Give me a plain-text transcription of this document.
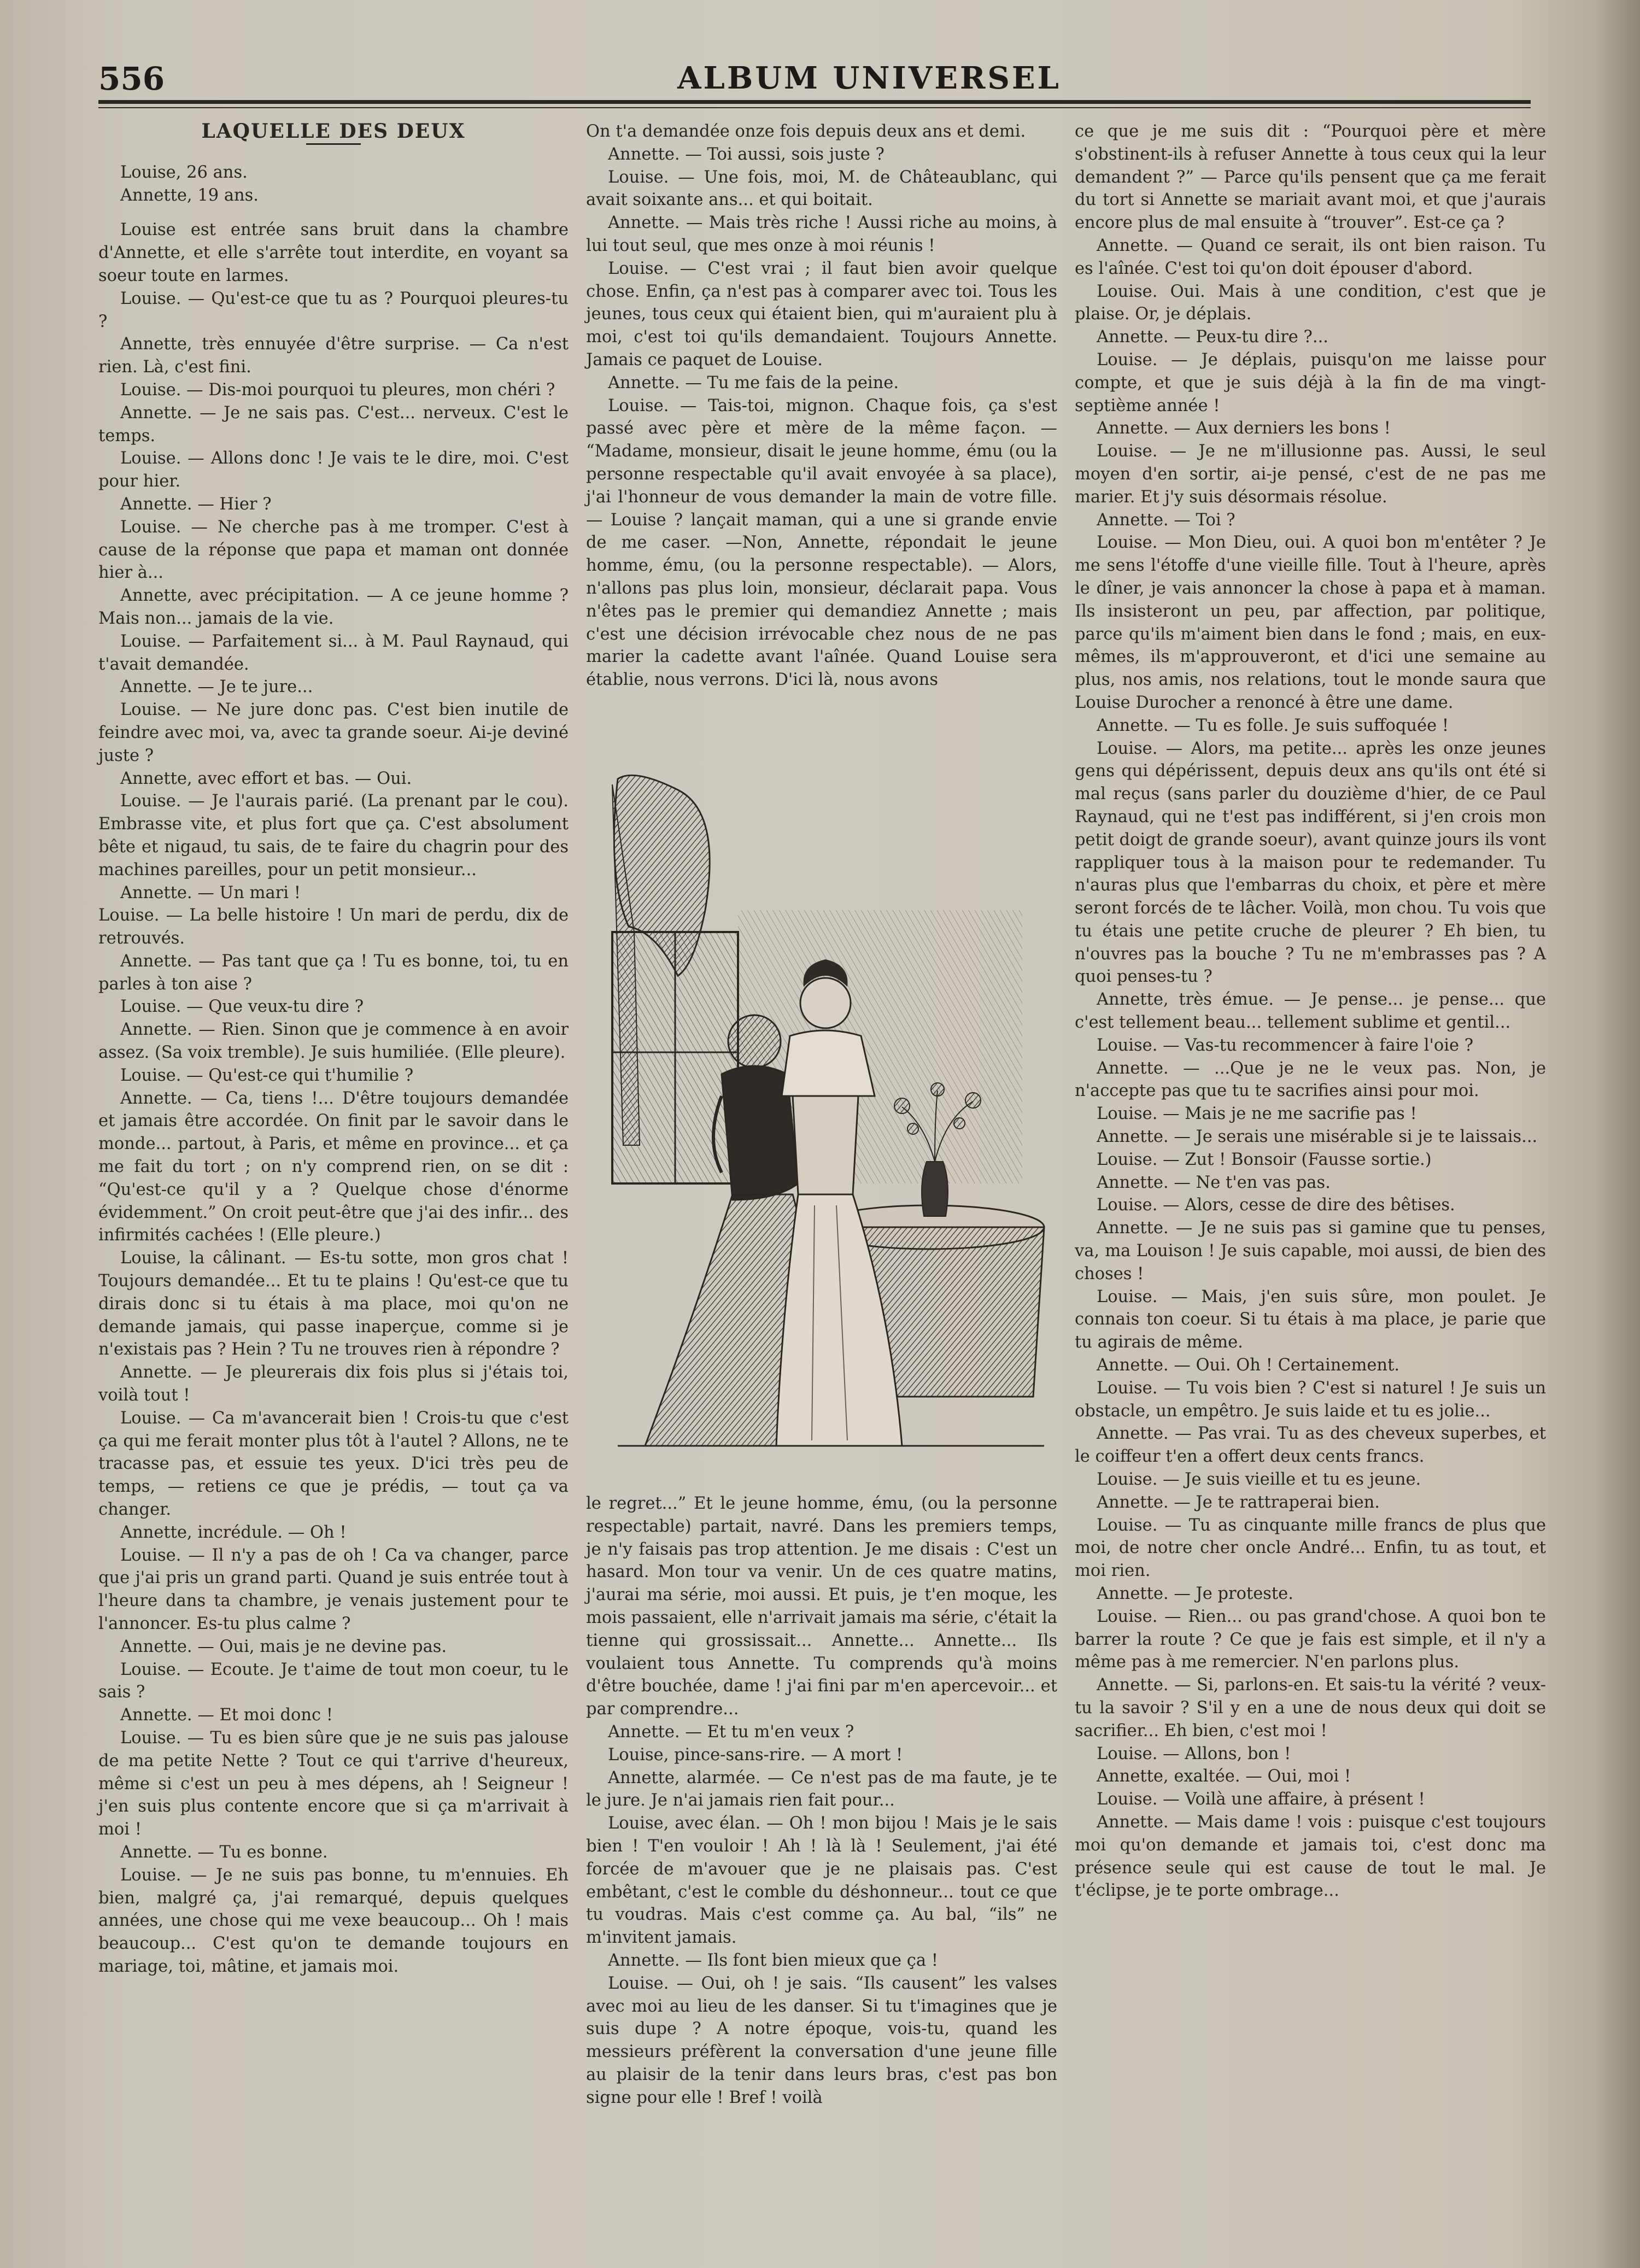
556	ALBUM UNIVERSEL

LAQUELLE DES DEUX

Louise, 26 ans.

Annette, 19 ans.

Louise est entrée sans bruit dans la chambre d'Annette, et elle s'arrête tout interdite, en voyant sa soeur toute en larmes.

Louise. — Qu'est-ce que tu as ? Pourquoi pleures-tu ?

Annette, très ennuyée d'être surprise. — Ca n'est rien. Là, c'est fini.

Louise. — Dis-moi pourquoi tu pleures, mon chéri ?

Annette. — Je ne sais pas. C'est... nerveux. C'est le temps.

Louise. — Allons donc ! Je vais te le dire, moi. C'est pour hier.

Annette. — Hier ?

Louise. — Ne cherche pas à me tromper. C'est à cause de la réponse que papa et maman ont donnée hier à...

Annette, avec précipitation. — A ce jeune homme ? Mais non... jamais de la vie.

Louise. — Parfaitement si... à M. Paul Raynaud, qui t'avait demandée.

Annette. — Je te jure...

Louise. — Ne jure donc pas. C'est bien inutile de feindre avec moi, va, avec ta grande soeur. Ai-je deviné juste ?

Annette, avec effort et bas. — Oui.

Louise. — Je l'aurais parié. (La prenant par le cou). Embrasse vite, et plus fort que ça. C'est absolument bête et nigaud, tu sais, de te faire du chagrin pour des machines pareilles, pour un petit monsieur...

Annette. — Un mari !

Louise. — La belle histoire ! Un mari de perdu, dix de retrouvés.

Annette. — Pas tant que ça ! Tu es bonne, toi, tu en parles à ton aise ?

Louise. — Que veux-tu dire ?

Annette. — Rien. Sinon que je commence à en avoir assez. (Sa voix tremble). Je suis humiliée. (Elle pleure).

Louise. — Qu'est-ce qui t'humilie ?

Annette. — Ca, tiens !... D'être toujours demandée et jamais être accordée. On finit par le savoir dans le monde... partout, à Paris, et même en province... et ça me fait du tort ; on n'y comprend rien, on se dit : “Qu'est-ce qu'il y a ? Quelque chose d'énorme évidemment.” On croit peut-être que j'ai des infir... des infirmités cachées ! (Elle pleure.)

Louise, la câlinant. — Es-tu sotte, mon gros chat ! Toujours demandée... Et tu te plains ! Qu'est-ce que tu dirais donc si tu étais à ma place, moi qu'on ne demande jamais, qui passe inaperçue, comme si je n'existais pas ? Hein ? Tu ne trouves rien à répondre ?

Annette. — Je pleurerais dix fois plus si j'étais toi, voilà tout !

Louise. — Ca m'avancerait bien ! Crois-tu que c'est ça qui me ferait monter plus tôt à l'autel ? Allons, ne te tracasse pas, et essuie tes yeux. D'ici très peu de temps, — retiens ce que je prédis, — tout ça va changer.

Annette, incrédule. — Oh !

Louise. — Il n'y a pas de oh ! Ca va changer, parce que j'ai pris un grand parti. Quand je suis entrée tout à l'heure dans ta chambre, je venais justement pour te l'annoncer. Es-tu plus calme ?

Annette. — Oui, mais je ne devine pas.

Louise. — Ecoute. Je t'aime de tout mon coeur, tu le sais ?

Annette. — Et moi donc !

Louise. — Tu es bien sûre que je ne suis pas jalouse de ma petite Nette ? Tout ce qui t'arrive d'heureux, même si c'est un peu à mes dépens, ah ! Seigneur ! j'en suis plus contente encore que si ça m'arrivait à moi !

Annette. — Tu es bonne.

Louise. — Je ne suis pas bonne, tu m'ennuies. Eh bien, malgré ça, j'ai remarqué, depuis quelques années, une chose qui me vexe beaucoup... Oh ! mais beaucoup... C'est qu'on te demande toujours en mariage, toi, mâtine, et jamais moi.

On t'a demandée onze fois depuis deux ans et demi.

Annette. — Toi aussi, sois juste ?

Louise. — Une fois, moi, M. de Châteaublanc, qui avait soixante ans... et qui boitait.

Annette. — Mais très riche ! Aussi riche au moins, à lui tout seul, que mes onze à moi réunis !

Louise. — C'est vrai ; il faut bien avoir quelque chose. Enfin, ça n'est pas à comparer avec toi. Tous les jeunes, tous ceux qui étaient bien, qui m'auraient plu à moi, c'est toi qu'ils demandaient. Toujours Annette. Jamais ce paquet de Louise.

Annette. — Tu me fais de la peine.

Louise. — Tais-toi, mignon. Chaque fois, ça s'est passé avec père et mère de la même façon. — “Madame, monsieur, disait le jeune homme, ému (ou la personne respectable qu'il avait envoyée à sa place), j'ai l'honneur de vous demander la main de votre fille. — Louise ? lançait maman, qui a une si grande envie de me caser. —Non, Annette, répondait le jeune homme, ému, (ou la personne respectable). — Alors, n'allons pas plus loin, monsieur, déclarait papa. Vous n'êtes pas le premier qui demandiez Annette ; mais c'est une décision irrévocable chez nous de ne pas marier la cadette avant l'aînée. Quand Louise sera établie, nous verrons. D'ici là, nous avons

le regret...” Et le jeune homme, ému, (ou la personne respectable) partait, navré. Dans les premiers temps, je n'y faisais pas trop attention. Je me disais : C'est un hasard. Mon tour va venir. Un de ces quatre matins, j'aurai ma série, moi aussi. Et puis, je t'en moque, les mois passaient, elle n'arrivait jamais ma série, c'était la tienne qui grossissait... Annette... Annette... Ils voulaient tous Annette. Tu comprends qu'à moins d'être bouchée, dame ! j'ai fini par m'en apercevoir... et par comprendre...

Annette. — Et tu m'en veux ?

Louise, pince-sans-rire. — A mort !

Annette, alarmée. — Ce n'est pas de ma faute, je te le jure. Je n'ai jamais rien fait pour...

Louise, avec élan. — Oh ! mon bijou ! Mais je le sais bien ! T'en vouloir ! Ah ! là là ! Seulement, j'ai été forcée de m'avouer que je ne plaisais pas. C'est embêtant, c'est le comble du déshonneur... tout ce que tu voudras. Mais c'est comme ça. Au bal, “ils” ne m'invitent jamais.

Annette. — Ils font bien mieux que ça !

Louise. — Oui, oh ! je sais. “Ils causent” les valses avec moi au lieu de les danser. Si tu t'imagines que je suis dupe ? A notre époque, vois-tu, quand les messieurs préfèrent la conversation d'une jeune fille au plaisir de la tenir dans leurs bras, c'est pas bon signe pour elle ! Bref ! voilà

ce que je me suis dit : “Pourquoi père et mère s'obstinent-ils à refuser Annette à tous ceux qui la leur demandent ?” — Parce qu'ils pensent que ça me ferait du tort si Annette se mariait avant moi, et que j'aurais encore plus de mal ensuite à “trouver”. Est-ce ça ?

Annette. — Quand ce serait, ils ont bien raison. Tu es l'aînée. C'est toi qu'on doit épouser d'abord.

Louise. Oui. Mais à une condition, c'est que je plaise. Or, je déplais.

Annette. — Peux-tu dire ?...

Louise. — Je déplais, puisqu'on me laisse pour compte, et que je suis déjà à la fin de ma vingt-septième année !

Annette. — Aux derniers les bons !

Louise. — Je ne m'illusionne pas. Aussi, le seul moyen d'en sortir, ai-je pensé, c'est de ne pas me marier. Et j'y suis désormais résolue.

Annette. — Toi ?

Louise. — Mon Dieu, oui. A quoi bon m'entêter ? Je me sens l'étoffe d'une vieille fille. Tout à l'heure, après le dîner, je vais annoncer la chose à papa et à maman. Ils insisteront un peu, par affection, par politique, parce qu'ils m'aiment bien dans le fond ; mais, en eux-mêmes, ils m'approuveront, et d'ici une semaine au plus, nos amis, nos relations, tout le monde saura que Louise Durocher a renoncé à être une dame.

Annette. — Tu es folle. Je suis suffoquée !

Louise. — Alors, ma petite... après les onze jeunes gens qui dépérissent, depuis deux ans qu'ils ont été si mal reçus (sans parler du douzième d'hier, de ce Paul Raynaud, qui ne t'est pas indifférent, si j'en crois mon petit doigt de grande soeur), avant quinze jours ils vont rappliquer tous à la maison pour te redemander. Tu n'auras plus que l'embarras du choix, et père et mère seront forcés de te lâcher. Voilà, mon chou. Tu vois que tu étais une petite cruche de pleurer ? Eh bien, tu n'ouvres pas la bouche ? Tu ne m'embrasses pas ? A quoi penses-tu ?

Annette, très émue. — Je pense... je pense... que c'est tellement beau... tellement sublime et gentil...

Louise. — Vas-tu recommencer à faire l'oie ?

Annette. — ...Que je ne le veux pas. Non, je n'accepte pas que tu te sacrifies ainsi pour moi.

Louise. — Mais je ne me sacrifie pas !

Annette. — Je serais une misérable si je te laissais...

Louise. — Zut ! Bonsoir (Fausse sortie.)

Annette. — Ne t'en vas pas.

Louise. — Alors, cesse de dire des bêtises.

Annette. — Je ne suis pas si gamine que tu penses, va, ma Louison ! Je suis capable, moi aussi, de bien des choses !

Louise. — Mais, j'en suis sûre, mon poulet. Je connais ton coeur. Si tu étais à ma place, je parie que tu agirais de même.

Annette. — Oui. Oh ! Certainement.

Louise. — Tu vois bien ? C'est si naturel ! Je suis un obstacle, un empêtro. Je suis laide et tu es jolie...

Annette. — Pas vrai. Tu as des cheveux superbes, et le coiffeur t'en a offert deux cents francs.

Louise. — Je suis vieille et tu es jeune.

Annette. — Je te rattraperai bien.

Louise. — Tu as cinquante mille francs de plus que moi, de notre cher oncle André... Enfin, tu as tout, et moi rien.

Annette. — Je proteste.

Louise. — Rien... ou pas grand'chose. A quoi bon te barrer la route ? Ce que je fais est simple, et il n'y a même pas à me remercier. N'en parlons plus.

Annette. — Si, parlons-en. Et sais-tu la vérité ? veux-tu la savoir ? S'il y en a une de nous deux qui doit se sacrifier... Eh bien, c'est moi !

Louise. — Allons, bon !

Annette, exaltée. — Oui, moi !

Louise. — Voilà une affaire, à présent !

Annette. — Mais dame ! vois : puisque c'est toujours moi qu'on demande et jamais toi, c'est donc ma présence seule qui est cause de tout le mal. Je t'éclipse, je te porte ombrage...
